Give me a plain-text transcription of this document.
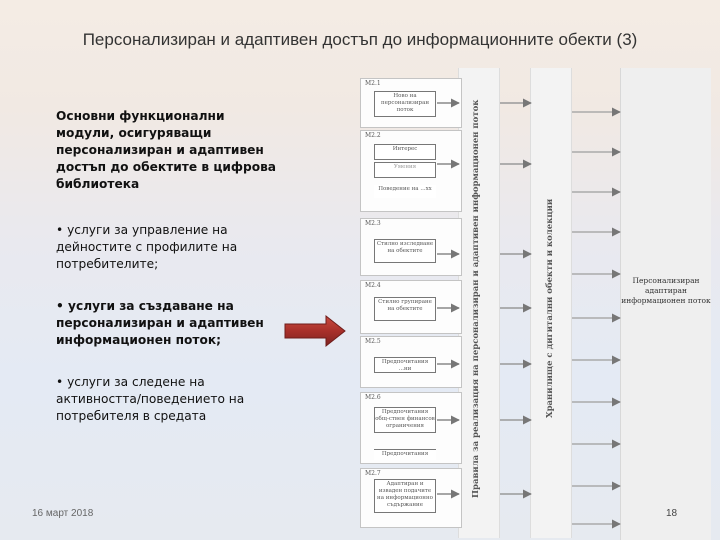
Персонализиран и адаптивен достъп до информационните обекти (3)
Основни функционални модули, осигуряващи персонализиран и адаптивен достъп до обектите в цифрова библиотека
• услуги за управление на дейностите с профилите на потребителите;
• услуги за създаване на персонализиран и адаптивен информационен поток;
• услуги за следене на активността/поведението на потребителя в средата	Правила за реализация на персонализиран и адаптивен информационен поток	Хранилище с дигитални обекти и колекции	Персонализиран адаптиран информационен поток
M2.1
Ново на персонализиран поток
M2.2
Интерес
Умения
Поведение на ...хх
M2.3
Стилно изследване на обектите
M2.4
Стилно групиране на обектите
M2.5
Предпочитания ...ни
M2.6
Предпочитания общ-ствен финансов ограничения
Предпочитания
M2.7
Адаптиран и изваден подачите на информационно съдържание
16 март 2018	18
